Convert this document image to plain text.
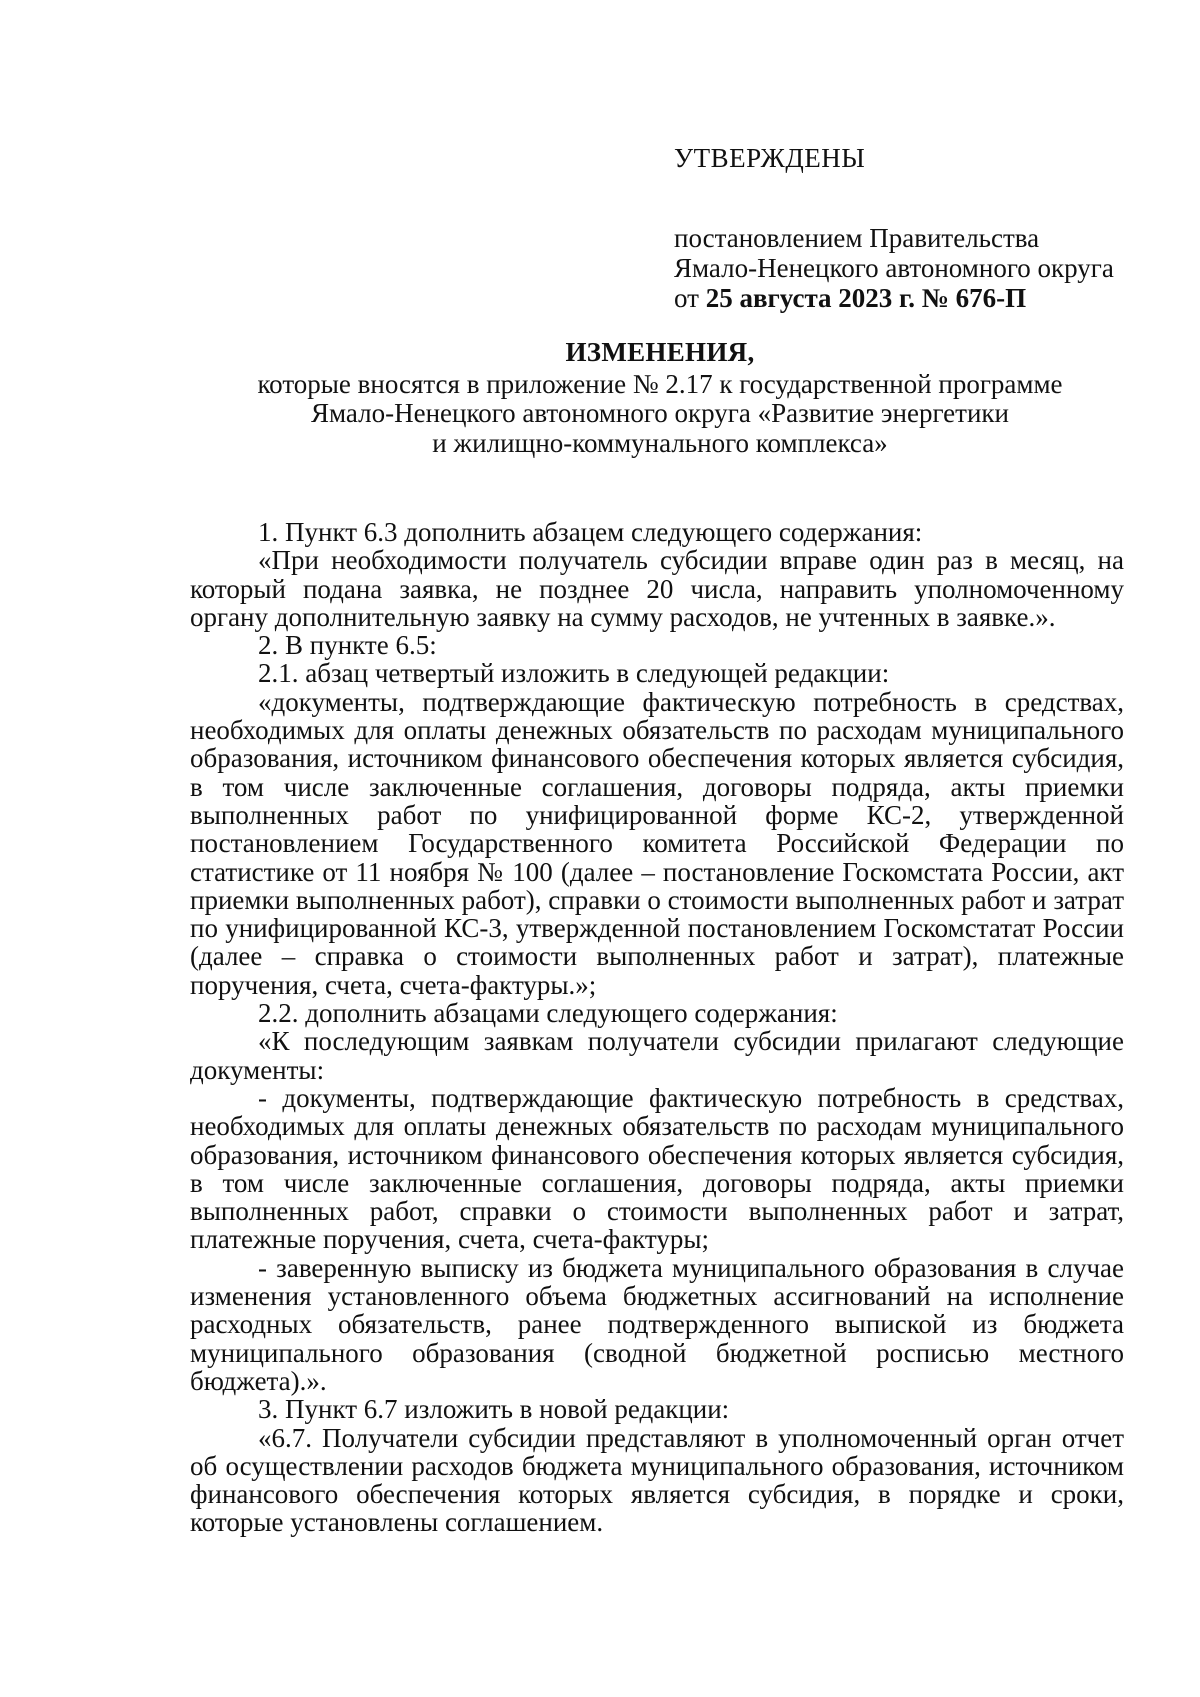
УТВЕРЖДЕНЫ

постановлением Правительства

Ямало-Ненецкого автономного округа

от 25 августа 2023 г. № 676-П

ИЗМЕНЕНИЯ,

которые вносятся в приложение № 2.17 к государственной программе

Ямало-Ненецкого автономного округа «Развитие энергетики

и жилищно-коммунального комплекса»

1. Пункт 6.3 дополнить абзацем следующего содержания:

«При необходимости получатель субсидии вправе один раз в месяц, на который подана заявка, не позднее 20 числа, направить уполномоченному органу дополнительную заявку на сумму расходов, не учтенных в заявке.».

2. В пункте 6.5:

2.1. абзац четвертый изложить в следующей редакции:

«документы, подтверждающие фактическую потребность в средствах, необходимых для оплаты денежных обязательств по расходам муниципального образования, источником финансового обеспечения которых является субсидия, в том числе заключенные соглашения, договоры подряда, акты приемки выполненных работ по унифицированной форме КС-2, утвержденной постановлением Государственного комитета Российской Федерации по статистике от 11 ноября № 100 (далее – постановление Госкомстата России, акт приемки выполненных работ), справки о стоимости выполненных работ и затрат по унифицированной КС-3, утвержденной постановлением Госкомстатат России (далее – справка о стоимости выполненных работ и затрат), платежные поручения, счета, счета-фактуры.»;

2.2. дополнить абзацами следующего содержания:

«К последующим заявкам получатели субсидии прилагают следующие документы:

- документы, подтверждающие фактическую потребность в средствах, необходимых для оплаты денежных обязательств по расходам муниципального образования, источником финансового обеспечения которых является субсидия, в том числе заключенные соглашения, договоры подряда, акты приемки выполненных работ, справки о стоимости выполненных работ и затрат, платежные поручения, счета, счета-фактуры;

- заверенную выписку из бюджета муниципального образования в случае изменения установленного объема бюджетных ассигнований на исполнение расходных обязательств, ранее подтвержденного выпиской из бюджета муниципального образования (сводной бюджетной росписью местного бюджета).».

3. Пункт 6.7 изложить в новой редакции:

«6.7. Получатели субсидии представляют в уполномоченный орган отчет об осуществлении расходов бюджета муниципального образования, источником финансового обеспечения которых является субсидия, в порядке и сроки, которые установлены соглашением.
